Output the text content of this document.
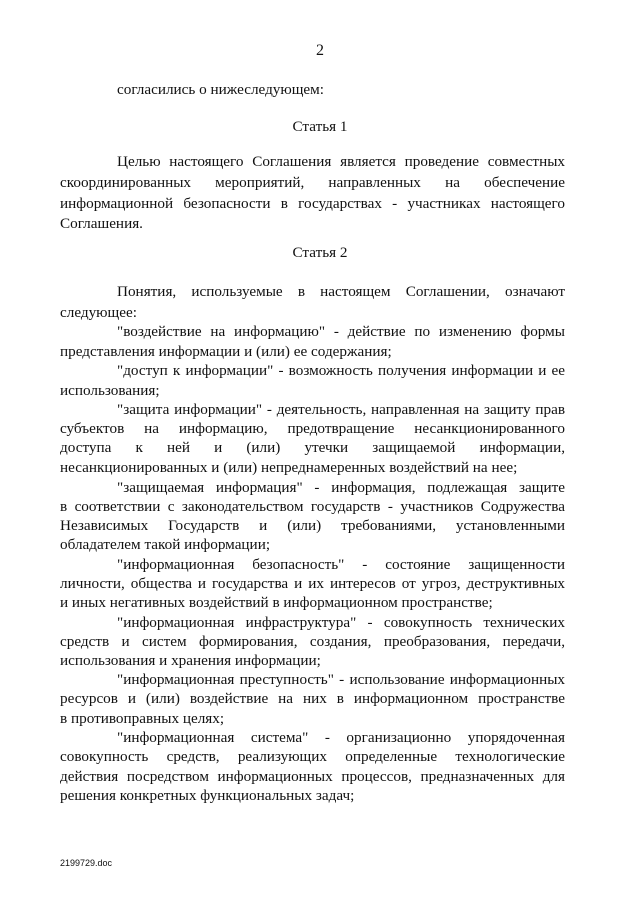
2
согласились о нижеследующем:
Статья 1
Целью настоящего Соглашения является проведение совместных
скоординированных мероприятий, направленных на обеспечение
информационной безопасности в государствах - участниках настоящего
Соглашения.
Статья 2
Понятия, используемые в настоящем Соглашении, означают
следующее:
"воздействие на информацию" - действие по изменению формы
представления информации и (или) ее содержания;
"доступ к информации" - возможность получения информации и ее
использования;
"защита информации" - деятельность, направленная на защиту прав
субъектов на информацию, предотвращение несанкционированного
доступа к ней и (или) утечки защищаемой информации,
несанкционированных и (или) непреднамеренных воздействий на нее;
"защищаемая информация" - информация, подлежащая защите
в соответствии с законодательством государств - участников Содружества
Независимых Государств и (или) требованиями, установленными
обладателем такой информации;
"информационная безопасность" - состояние защищенности
личности, общества и государства и их интересов от угроз, деструктивных
и иных негативных воздействий в информационном пространстве;
"информационная инфраструктура" - совокупность технических
средств и систем формирования, создания, преобразования, передачи,
использования и хранения информации;
"информационная преступность" - использование информационных
ресурсов и (или) воздействие на них в информационном пространстве
в противоправных целях;
"информационная система" - организационно упорядоченная
совокупность средств, реализующих определенные технологические
действия посредством информационных процессов, предназначенных для
решения конкретных функциональных задач;
2199729.doc
